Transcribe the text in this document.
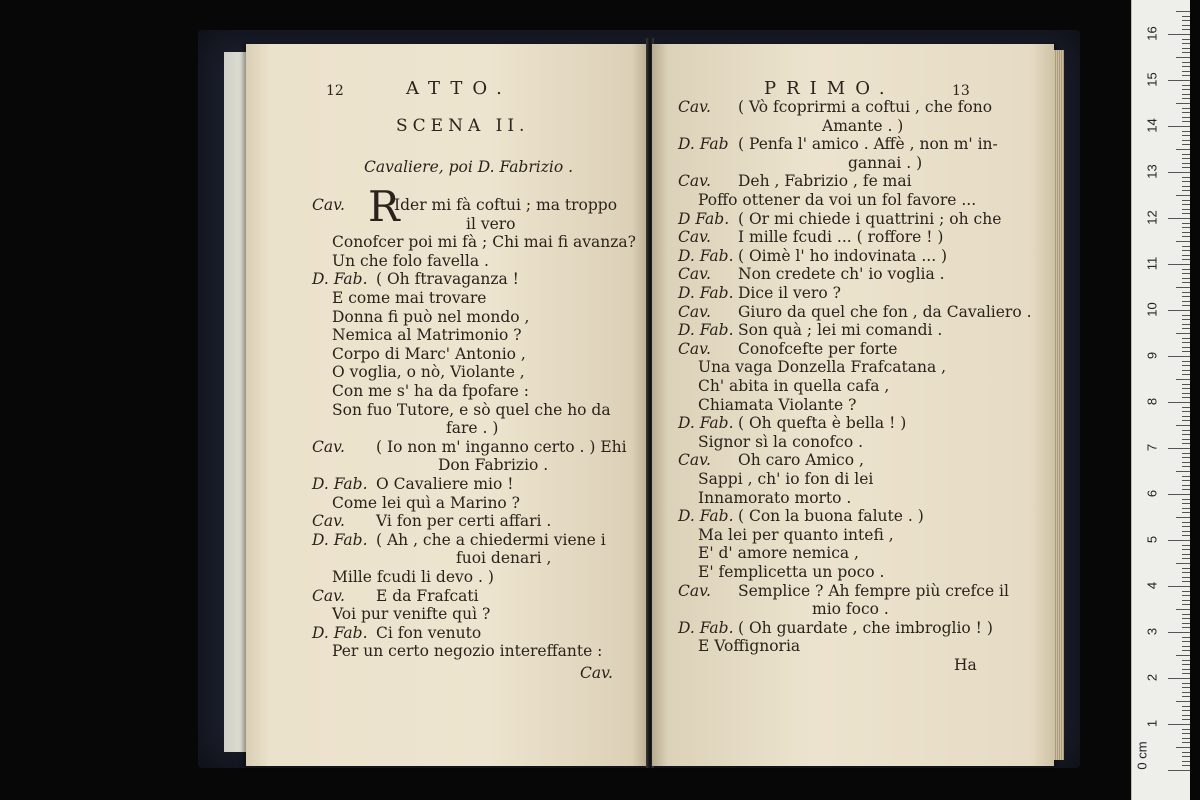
12	ATTO.
SCENA II.
Cavaliere, poi D. Fabrizio .
Cav.	Ider mi fà coftui ; ma troppo
il vero
Conofcer poi mi fà ; Chi mai fi avanza?
Un che folo favella .
D. Fab. ( Oh ftravaganza !
E come mai trovare
Donna fi può nel mondo ,
Nemica al Matrimonio ?
Corpo di Marc' Antonio ,
O voglia, o nò, Violante ,
Con me s' ha da fpofare :
Son fuo Tutore, e sò quel che ho da
fare . )
Cav. ( Io non m' inganno certo . ) Ehi
Don Fabrizio .
D. Fab. O Cavaliere mio !
Come lei quì a Marino ?
Cav. Vi fon per certi affari .
D. Fab. ( Ah , che a chiedermi viene i
fuoi denari ,
Mille fcudi li devo . )
Cav. E da Frafcati
Voi pur venifte quì ?
D. Fab. Ci fon venuto
Per un certo negozio intereffante :
R
Cav.
PRIMO.	13
Cav. ( Vò fcoprirmi a coftui , che fono
Amante . )
D. Fab ( Penfa l' amico . Affè , non m' in-
gannai . )
Cav. Deh , Fabrizio , fe mai
Poffo ottener da voi un fol favore ...
D Fab. ( Or mi chiede i quattrini ; oh che
Cav. I mille fcudi ... ( roffore ! )
D. Fab. ( Oimè l' ho indovinata ... )
Cav. Non credete ch' io voglia .
D. Fab. Dice il vero ?
Cav. Giuro da quel che fon , da Cavaliero .
D. Fab. Son quà ; lei mi comandi .
Cav. Conofcefte per forte
Una vaga Donzella Frafcatana ,
Ch' abita in quella cafa ,
Chiamata Violante ?
D. Fab. ( Oh quefta è bella ! )
Signor sì la conofco .
Cav. Oh caro Amico ,
Sappi , ch' io fon di lei
Innamorato morto .
D. Fab. ( Con la buona falute . )
Ma lei per quanto intefi ,
E' d' amore nemica ,
E' femplicetta un poco .
Cav. Semplice ? Ah fempre più crefce il
mio foco .
D. Fab. ( Oh guardate , che imbroglio ! )
E Voffignoria
Ha
0 cm
1
2
3
4
5
6
7
8
9
10
11
12
13
14
15
16
